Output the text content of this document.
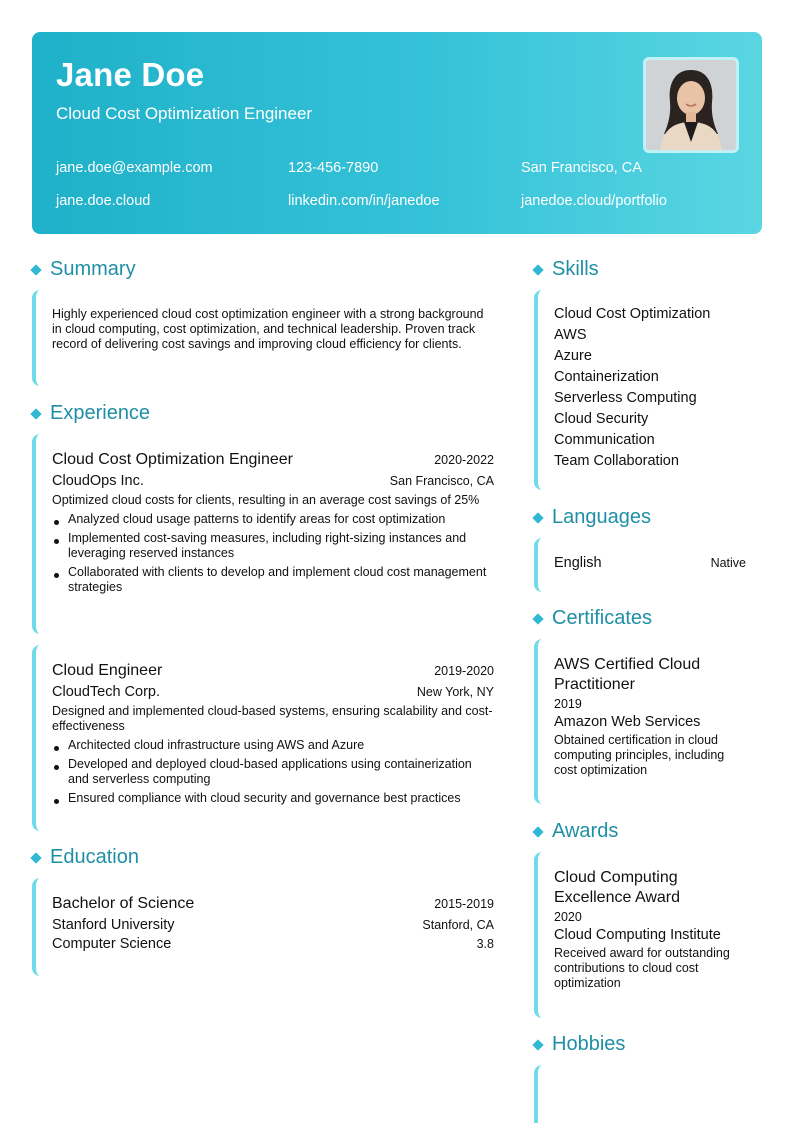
Jane Doe
Cloud Cost Optimization Engineer
jane.doe@example.com	123-456-7890	San Francisco, CA
jane.doe.cloud	linkedin.com/in/janedoe	janedoe.cloud/portfolio
Summary
Highly experienced cloud cost optimization engineer with a strong background in cloud computing, cost optimization, and technical leadership. Proven track record of delivering cost savings and improving cloud efficiency for clients.
Experience
Cloud Cost Optimization Engineer	2020-2022
CloudOps Inc.	San Francisco, CA
Optimized cloud costs for clients, resulting in an average cost savings of 25%
Analyzed cloud usage patterns to identify areas for cost optimization
Implemented cost-saving measures, including right-sizing instances and leveraging reserved instances
Collaborated with clients to develop and implement cloud cost management strategies
Cloud Engineer	2019-2020
CloudTech Corp.	New York, NY
Designed and implemented cloud-based systems, ensuring scalability and cost-effectiveness
Architected cloud infrastructure using AWS and Azure
Developed and deployed cloud-based applications using containerization and serverless computing
Ensured compliance with cloud security and governance best practices
Education
Bachelor of Science	2015-2019
Stanford University	Stanford, CA
Computer Science	3.8
Skills
Cloud Cost Optimization
AWS
Azure
Containerization
Serverless Computing
Cloud Security
Communication
Team Collaboration
Languages
English	Native
Certificates
AWS Certified Cloud Practitioner
2019
Amazon Web Services
Obtained certification in cloud computing principles, including cost optimization
Awards
Cloud Computing Excellence Award
2020
Cloud Computing Institute
Received award for outstanding contributions to cloud cost optimization
Hobbies
